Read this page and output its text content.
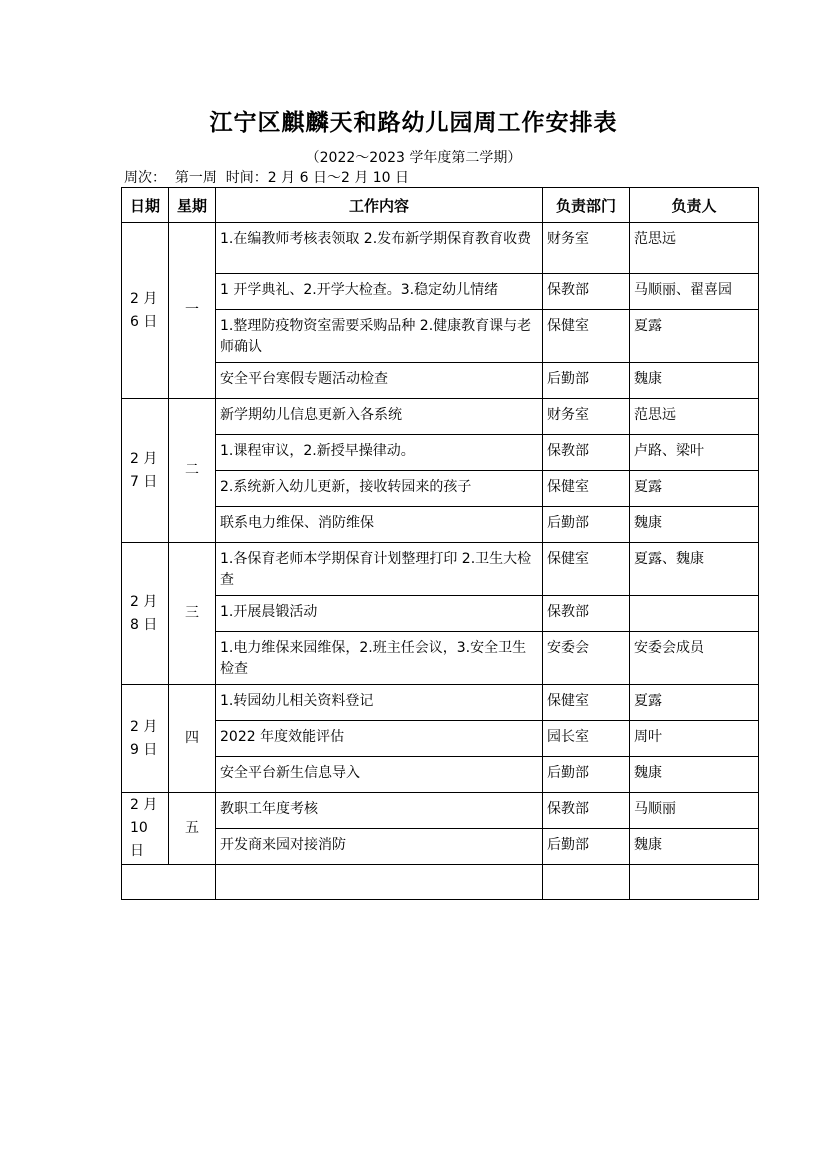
江宁区麒麟天和路幼儿园周工作安排表
（2022～2023 学年度第二学期）
周次：  第一周  时间：2 月 6 日～2 月 10 日
日期	星期	工作内容	负责部门	负责人
2 月 6 日	一	1.在编教师考核表领取 2.发布新学期保育教育收费	财务室	范思远
		1 开学典礼、2.开学大检查。3.稳定幼儿情绪	保教部	马顺丽、翟喜园
		1.整理防疫物资室需要采购品种 2.健康教育课与老师确认	保健室	夏露
		安全平台寒假专题活动检查	后勤部	魏康
2 月 7 日	二	新学期幼儿信息更新入各系统	财务室	范思远
		1.课程审议，2.新授早操律动。	保教部	卢路、梁叶
		2.系统新入幼儿更新，接收转园来的孩子	保健室	夏露
		联系电力维保、消防维保	后勤部	魏康
2 月 8 日	三	1.各保育老师本学期保育计划整理打印 2.卫生大检查	保健室	夏露、魏康
		1.开展晨锻活动	保教部	
		1.电力维保来园维保，2.班主任会议，3.安全卫生检查	安委会	安委会成员
2 月 9 日	四	1.转园幼儿相关资料登记	保健室	夏露
		2022 年度效能评估	园长室	周叶
		安全平台新生信息导入	后勤部	魏康
2 月 10 日	五	教职工年度考核	保教部	马顺丽
		开发商来园对接消防	后勤部	魏康
